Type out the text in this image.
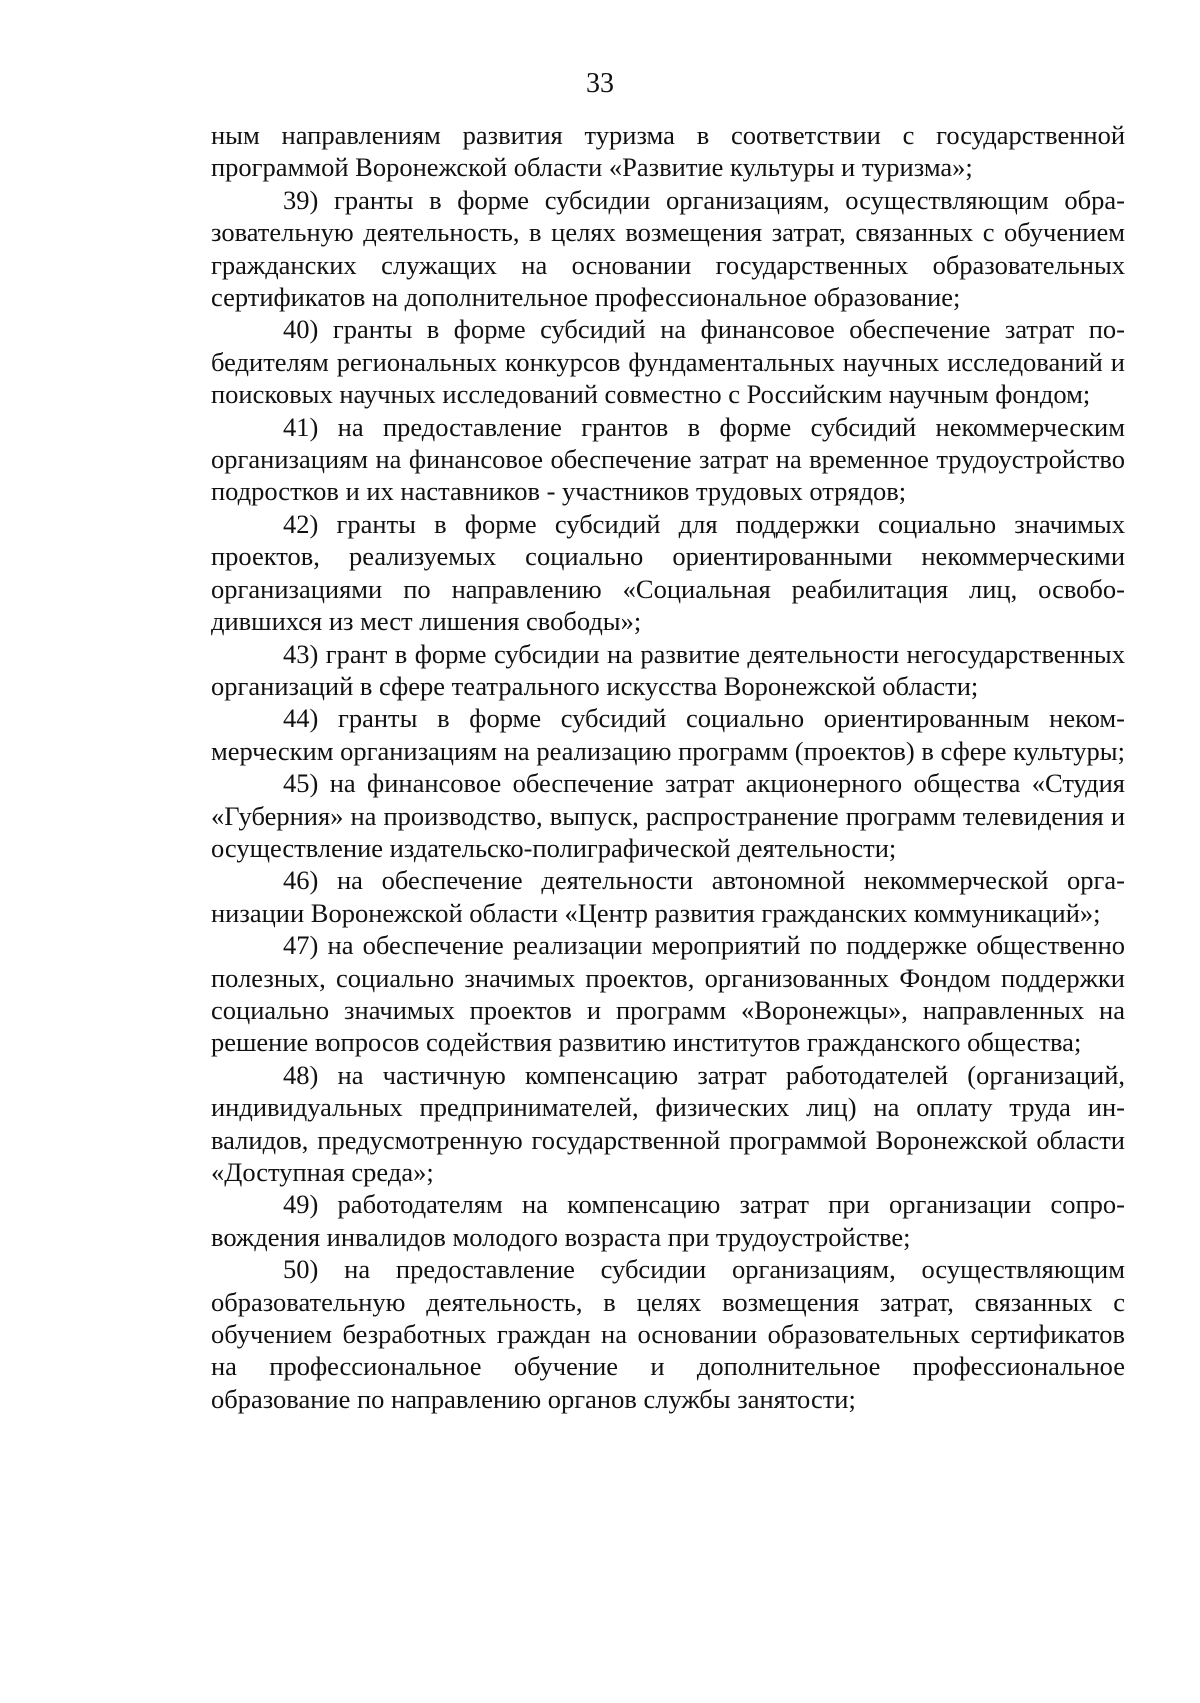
33

ным направлениям развития туризма в соответствии с государственной программой Воронежской области «Развитие культуры и туризма»;

39) гранты в форме субсидии организациям, осуществляющим образовательную деятельность, в целях возмещения затрат, связанных с обучением гражданских служащих на основании государственных образовательных сертификатов на дополнительное профессиональное образование;

40) гранты в форме субсидий на финансовое обеспечение затрат победителям региональных конкурсов фундаментальных научных исследований и поисковых научных исследований совместно с Российским научным фондом;

41) на предоставление грантов в форме субсидий некоммерческим организациям на финансовое обеспечение затрат на временное трудоустройство подростков и их наставников - участников трудовых отрядов;

42) гранты в форме субсидий для поддержки социально значимых проектов, реализуемых социально ориентированными некоммерческими организациями по направлению «Социальная реабилитация лиц, освободившихся из мест лишения свободы»;

43) грант в форме субсидии на развитие деятельности негосударственных организаций в сфере театрального искусства Воронежской области;

44) гранты в форме субсидий социально ориентированным некоммерческим организациям на реализацию программ (проектов) в сфере культуры;

45) на финансовое обеспечение затрат акционерного общества «Студия «Губерния» на производство, выпуск, распространение программ телевидения и осуществление издательско-полиграфической деятельности;

46) на обеспечение деятельности автономной некоммерческой организации Воронежской области «Центр развития гражданских коммуникаций»;

47) на обеспечение реализации мероприятий по поддержке общественно полезных, социально значимых проектов, организованных Фондом поддержки социально значимых проектов и программ «Воронежцы», направленных на решение вопросов содействия развитию институтов гражданского общества;

48) на частичную компенсацию затрат работодателей (организаций, индивидуальных предпринимателей, физических лиц) на оплату труда инвалидов, предусмотренную государственной программой Воронежской области «Доступная среда»;

49) работодателям на компенсацию затрат при организации сопровождения инвалидов молодого возраста при трудоустройстве;

50) на предоставление субсидии организациям, осуществляющим образовательную деятельность, в целях возмещения затрат, связанных с обучением безработных граждан на основании образовательных сертификатов на профессиональное обучение и дополнительное профессиональное образование по направлению органов службы занятости;
